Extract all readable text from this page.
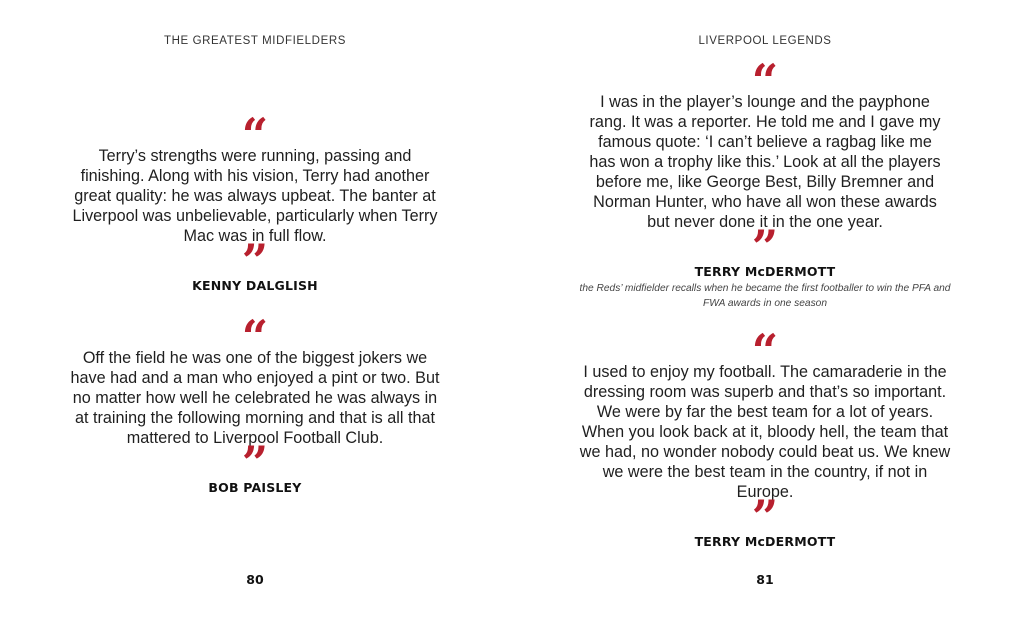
THE GREATEST MIDFIELDERS
“

Terry’s strengths were running, passing and finishing. Along with his vision, Terry had another great quality: he was always upbeat. The banter at Liverpool was unbelievable, particularly when Terry Mac was in full flow.

”
KENNY DALGLISH
“

Off the field he was one of the biggest jokers we have had and a man who enjoyed a pint or two. But no matter how well he celebrated he was always in at training the following morning and that is all that mattered to Liverpool Football Club.

”
BOB PAISLEY
80
LIVERPOOL LEGENDS
“

I was in the player’s lounge and the payphone rang. It was a reporter. He told me and I gave my famous quote: ‘I can’t believe a ragbag like me has won a trophy like this.’ Look at all the players before me, like George Best, Billy Bremner and Norman Hunter, who have all won these awards but never done it in the one year.

”
TERRY McDERMOTT
the Reds’ midfielder recalls when he became the first footballer to win the PFA and FWA awards in one season
“

I used to enjoy my football. The camaraderie in the dressing room was superb and that’s so important. We were by far the best team for a lot of years. When you look back at it, bloody hell, the team that we had, no wonder nobody could beat us. We knew we were the best team in the country, if not in Europe.

”
TERRY McDERMOTT
81
